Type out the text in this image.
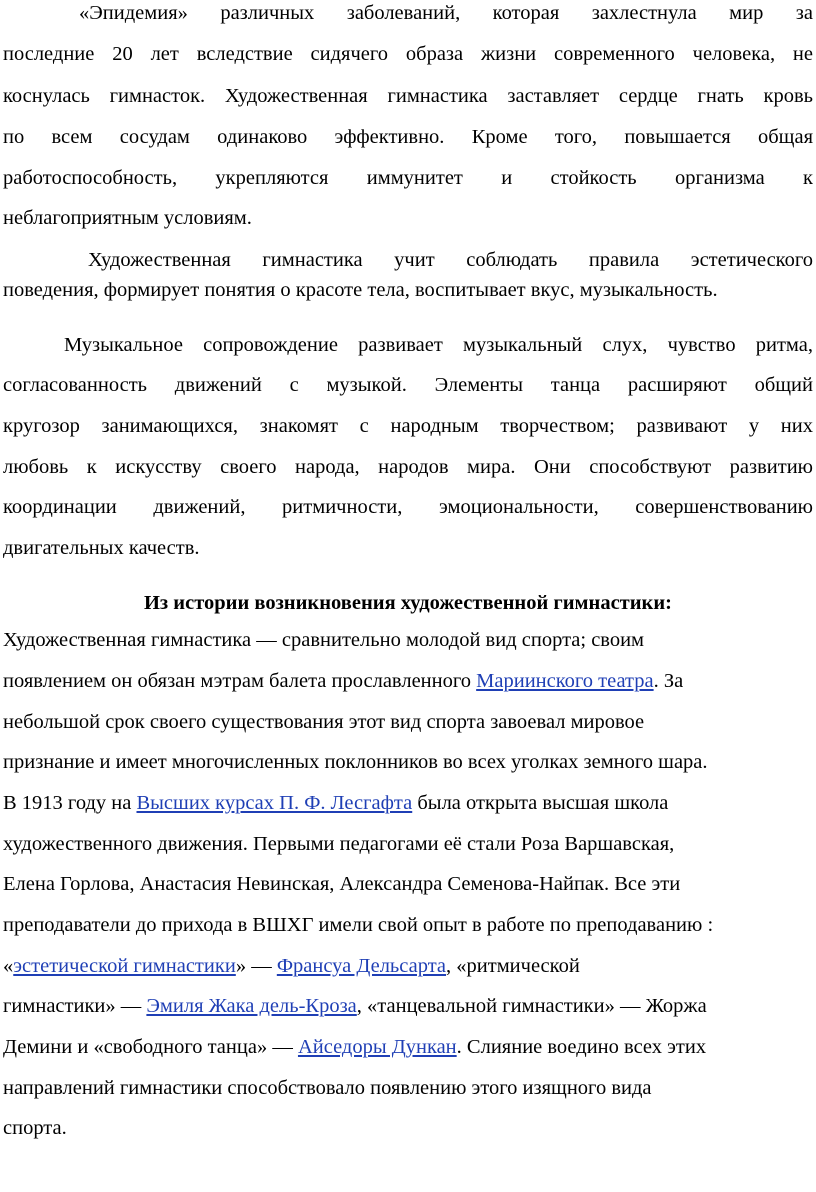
«Эпидемия» различных заболеваний, которая захлестнула мир за
последние 20 лет вследствие сидячего образа жизни современного человека, не
коснулась гимнасток. Художественная гимнастика заставляет сердце гнать кровь
по всем сосудам одинаково эффективно. Кроме того, повышается общая
работоспособность, укрепляются иммунитет и стойкость организма к
неблагоприятным условиям.
Художественная гимнастика учит соблюдать правила эстетического
поведения, формирует понятия о красоте тела, воспитывает вкус, музыкальность.
Музыкальное сопровождение развивает музыкальный слух, чувство ритма,
согласованность движений с музыкой. Элементы танца расширяют общий
кругозор занимающихся, знакомят с народным творчеством; развивают у них
любовь к искусству своего народа, народов мира. Они способствуют развитию
координации движений, ритмичности, эмоциональности, совершенствованию
двигательных качеств.
Из истории возникновения художественной гимнастики:
Художественная гимнастика — сравнительно молодой вид спорта; своим
появлением он обязан мэтрам балета прославленного Мариинского театра. За
небольшой срок своего существования этот вид спорта завоевал мировое
признание и имеет многочисленных поклонников во всех уголках земного шара.
В 1913 году на Высших курсах П. Ф. Лесгафта была открыта высшая школа
художественного движения. Первыми педагогами её стали Роза Варшавская,
Елена Горлова, Анастасия Невинская, Александра Семенова-Найпак. Все эти
преподаватели до прихода в ВШХГ имели свой опыт в работе по преподаванию :
«эстетической гимнастики» — Франсуа Дельсарта, «ритмической
гимнастики» — Эмиля Жака дель-Кроза, «танцевальной гимнастики» — Жоржа
Демини и «свободного танца» — Айседоры Дункан. Слияние воедино всех этих
направлений гимнастики способствовало появлению этого изящного вида
спорта.
